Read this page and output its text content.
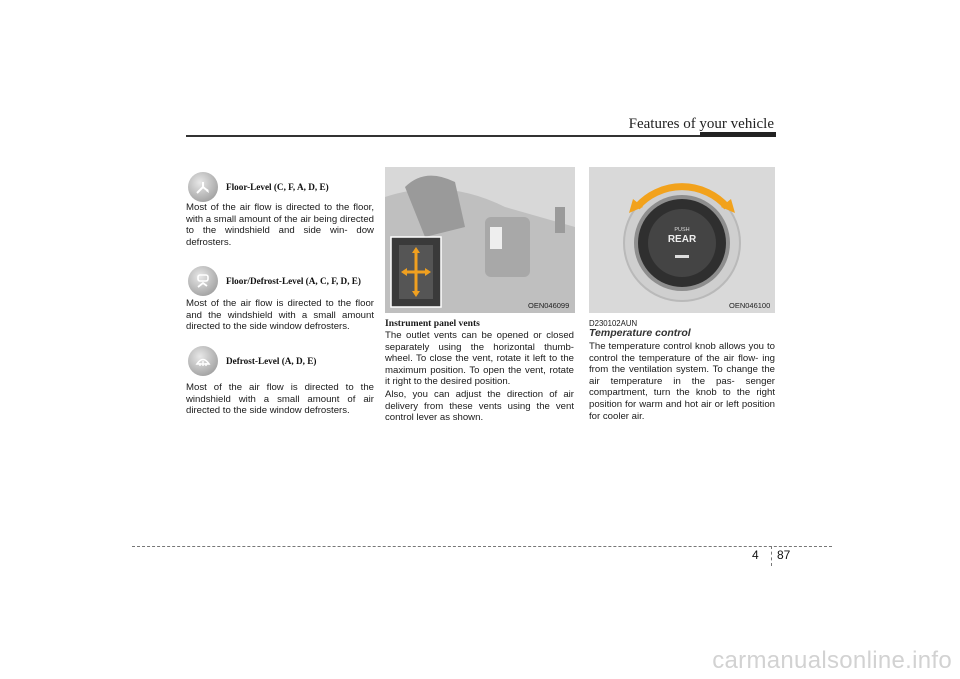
Features of your vehicle
Floor-Level (C, F, A, D, E)
Most of the air flow is directed to the floor, with a small amount of the air being directed to the windshield and side win- dow defrosters.
Floor/Defrost-Level (A, C, F, D, E)
Most of the air flow is directed to the floor and the windshield with a small amount directed to the side window defrosters.
Defrost-Level (A, D, E)
Most of the air flow is directed to the windshield with a small amount of air directed to the side window defrosters.
OEN046099
Instrument panel vents
The outlet vents can be opened or closed separately using the horizontal thumb- wheel. To close the vent, rotate it left to the maximum position. To open the vent, rotate it right to the desired position.
Also, you can adjust the direction of air delivery from these vents using the vent control lever as shown.
PUSH
REAR
OEN046100
D230102AUN
Temperature control
The temperature control knob allows you to control the temperature of the air flow- ing from the ventilation system. To change the air temperature in the pas- senger compartment, turn the knob to the right position for warm and hot air or left position for cooler air.
4 87
carmanualsonline.info
